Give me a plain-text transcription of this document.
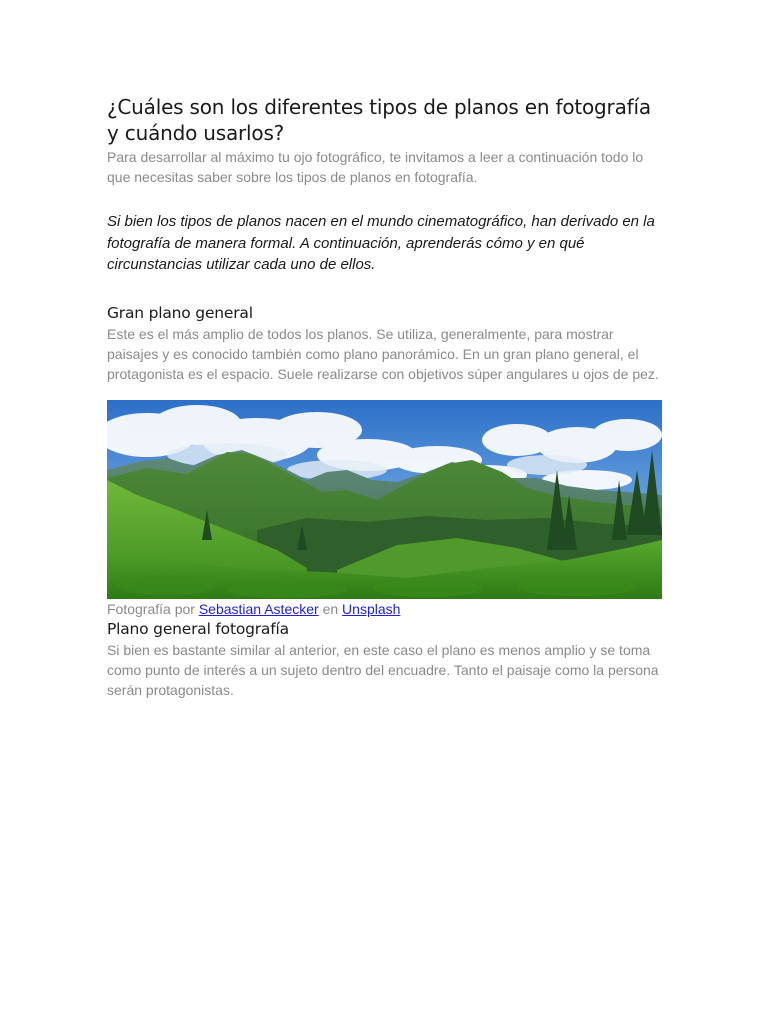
¿Cuáles son los diferentes tipos de planos en fotografía y cuándo usarlos?

Para desarrollar al máximo tu ojo fotográfico, te invitamos a leer a continuación todo lo que necesitas saber sobre los tipos de planos en fotografía.

Si bien los tipos de planos nacen en el mundo cinematográfico, han derivado en la fotografía de manera formal. A continuación, aprenderás cómo y en qué circunstancias utilizar cada uno de ellos.

Gran plano general

Este es el más amplio de todos los planos. Se utiliza, generalmente, para mostrar paisajes y es conocido también como plano panorámico. En un gran plano general, el protagonista es el espacio. Suele realizarse con objetivos súper angulares u ojos de pez.

Fotografía por Sebastian Astecker en Unsplash

Plano general fotografía

Si bien es bastante similar al anterior, en este caso el plano es menos amplio y se toma como punto de interés a un sujeto dentro del encuadre. Tanto el paisaje como la persona serán protagonistas.
